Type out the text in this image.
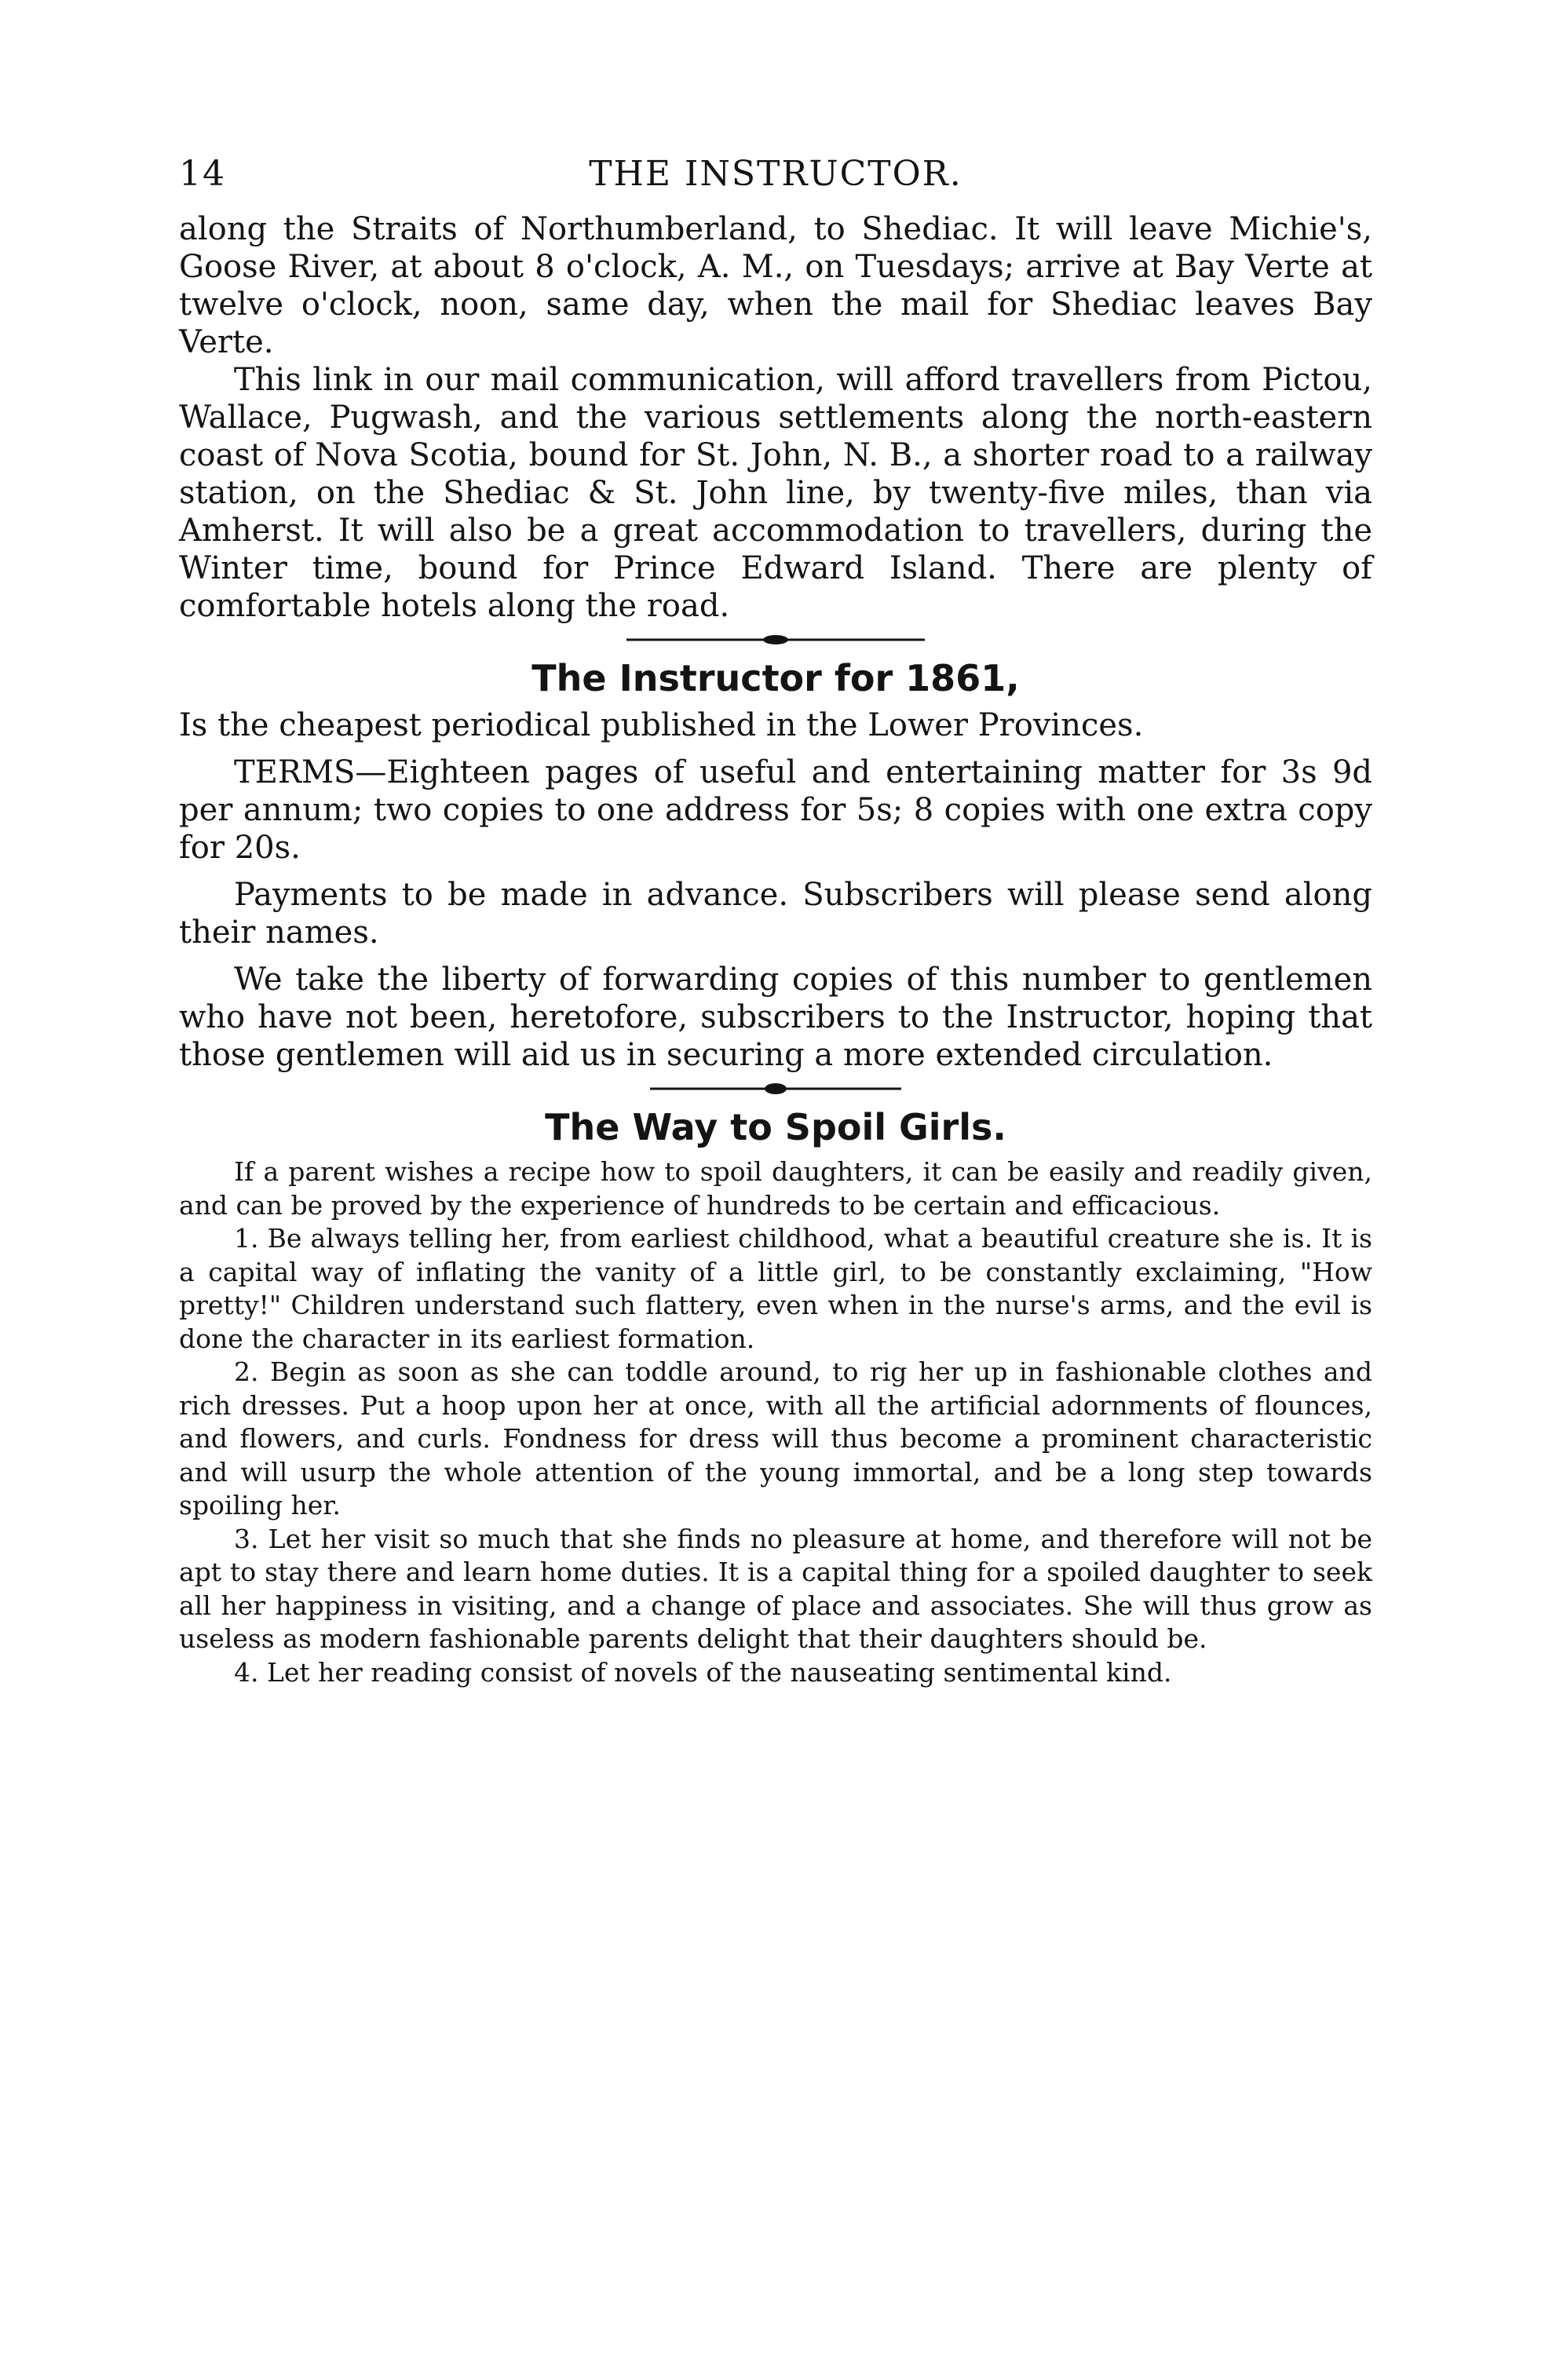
14	THE INSTRUCTOR.

along the Straits of Northumberland, to Shediac. It will leave Michie's, Goose River, at about 8 o'clock, A. M., on Tuesdays; arrive at Bay Verte at twelve o'clock, noon, same day, when the mail for Shediac leaves Bay Verte.

This link in our mail communication, will afford travellers from Pictou, Wallace, Pugwash, and the various settlements along the north-eastern coast of Nova Scotia, bound for St. John, N. B., a shorter road to a railway station, on the Shediac & St. John line, by twenty-five miles, than via Amherst. It will also be a great accommodation to travellers, during the Winter time, bound for Prince Edward Island. There are plenty of comfortable hotels along the road.

The Instructor for 1861,

Is the cheapest periodical published in the Lower Provinces.

TERMS—Eighteen pages of useful and entertaining matter for 3s 9d per annum; two copies to one address for 5s; 8 copies with one extra copy for 20s.

Payments to be made in advance. Subscribers will please send along their names.

We take the liberty of forwarding copies of this number to gentlemen who have not been, heretofore, subscribers to the Instructor, hoping that those gentlemen will aid us in securing a more extended circulation.

The Way to Spoil Girls.

If a parent wishes a recipe how to spoil daughters, it can be easily and readily given, and can be proved by the experience of hundreds to be certain and efficacious.

1. Be always telling her, from earliest childhood, what a beautiful creature she is. It is a capital way of inflating the vanity of a little girl, to be constantly exclaiming, "How pretty!" Children understand such flattery, even when in the nurse's arms, and the evil is done the character in its earliest formation.

2. Begin as soon as she can toddle around, to rig her up in fashionable clothes and rich dresses. Put a hoop upon her at once, with all the artificial adornments of flounces, and flowers, and curls. Fondness for dress will thus become a prominent characteristic and will usurp the whole attention of the young immortal, and be a long step towards spoiling her.

3. Let her visit so much that she finds no pleasure at home, and therefore will not be apt to stay there and learn home duties. It is a capital thing for a spoiled daughter to seek all her happiness in visiting, and a change of place and associates. She will thus grow as useless as modern fashionable parents delight that their daughters should be.

4. Let her reading consist of novels of the nauseating sentimental kind.
